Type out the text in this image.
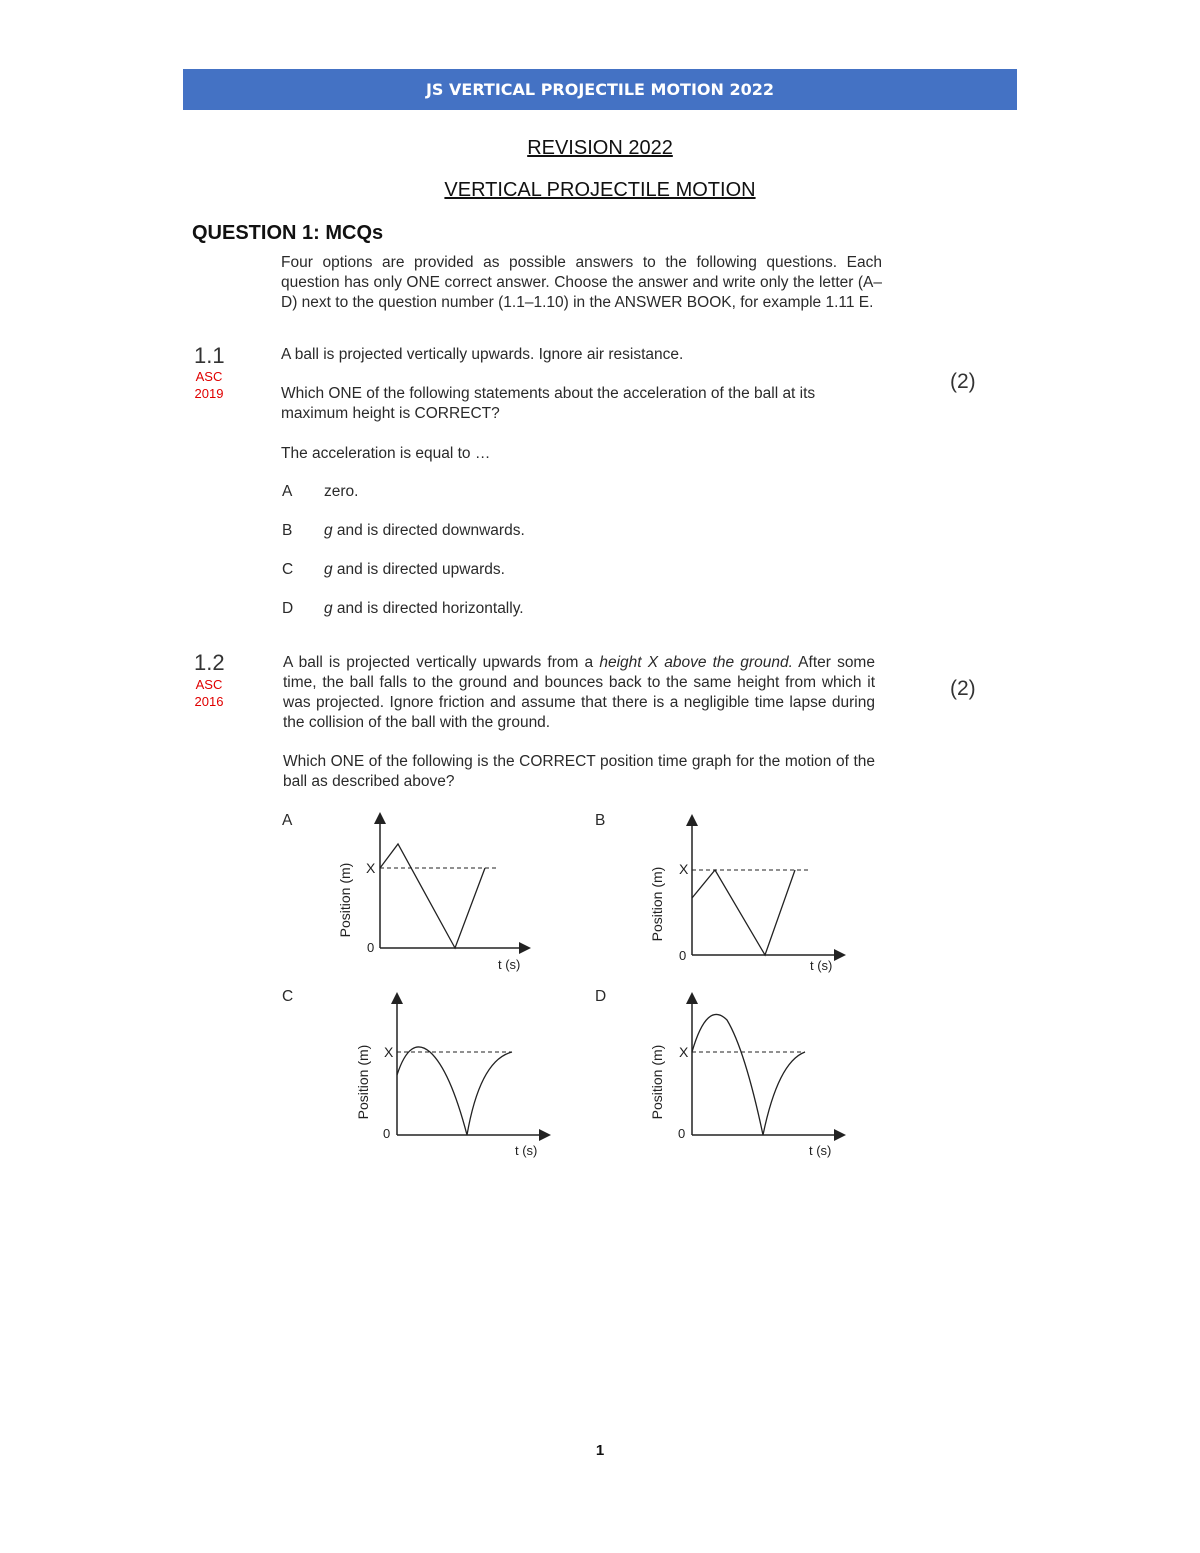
JS VERTICAL PROJECTILE MOTION 2022
REVISION 2022
VERTICAL PROJECTILE MOTION
QUESTION 1: MCQs
Four options are provided as possible answers to the following questions. Each question has only ONE correct answer. Choose the answer and write only the letter (A–D) next to the question number (1.1–1.10) in the ANSWER BOOK, for example 1.11 E.
1.1
ASC
2019
A ball is projected vertically upwards. Ignore air resistance.
(2)
Which ONE of the following statements about the acceleration of the ball at its maximum height is CORRECT?
The acceleration is equal to …
A zero.
B g and is directed downwards.
C g and is directed upwards.
D g and is directed horizontally.
1.2
ASC
2016
A ball is projected vertically upwards from a height X above the ground. After some time, the ball falls to the ground and bounces back to the same height from which it was projected. Ignore friction and assume that there is a negligible time lapse during the collision of the ball with the ground.
(2)
Which ONE of the following is the CORRECT position time graph for the motion of the ball as described above?
A	B
C	D
X
0
t (s)
Position (m)	X
0
t (s)
Position (m)
X
0
t (s)
Position (m)	X
0
t (s)
Position (m)
1
